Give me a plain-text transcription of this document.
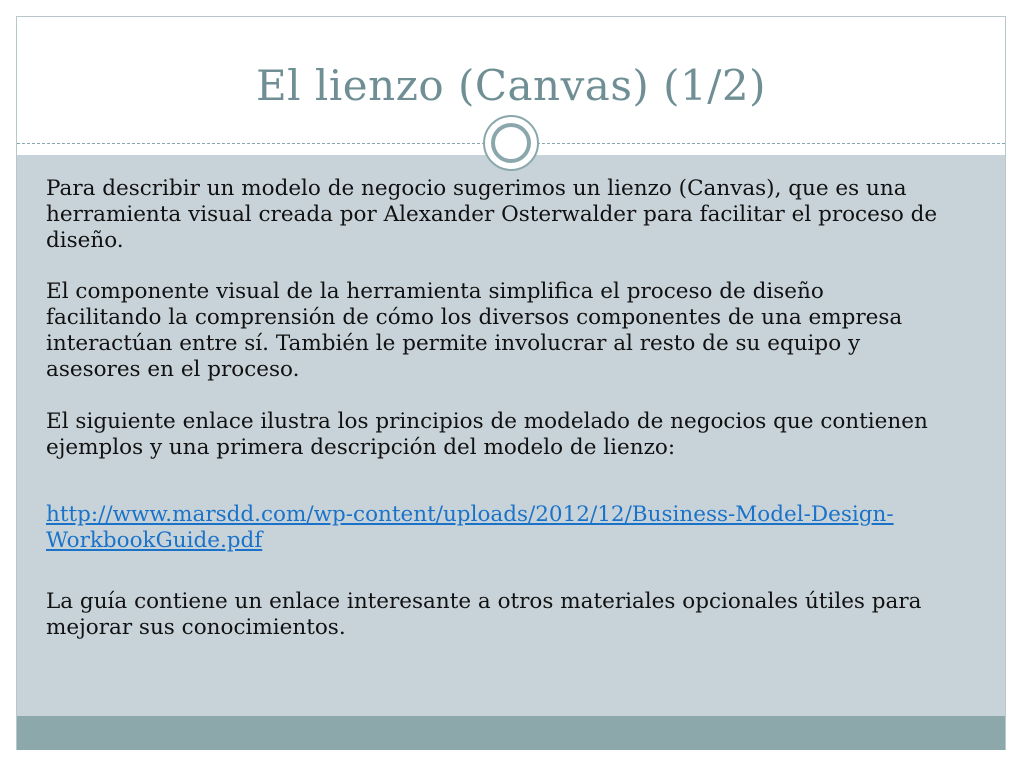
El lienzo (Canvas) (1/2)

Para describir un modelo de negocio sugerimos un lienzo (Canvas), que es una herramienta visual creada por Alexander Osterwalder para facilitar el proceso de diseño.

El componente visual de la herramienta simplifica el proceso de diseño facilitando la comprensión de cómo los diversos componentes de una empresa interactúan entre sí. También le permite involucrar al resto de su equipo y asesores en el proceso.

El siguiente enlace ilustra los principios de modelado de negocios que contienen ejemplos y una primera descripción del modelo de lienzo:

http://www.marsdd.com/wp-content/uploads/2012/12/Business-Model-Design-WorkbookGuide.pdf

La guía contiene un enlace interesante a otros materiales opcionales útiles para mejorar sus conocimientos.
